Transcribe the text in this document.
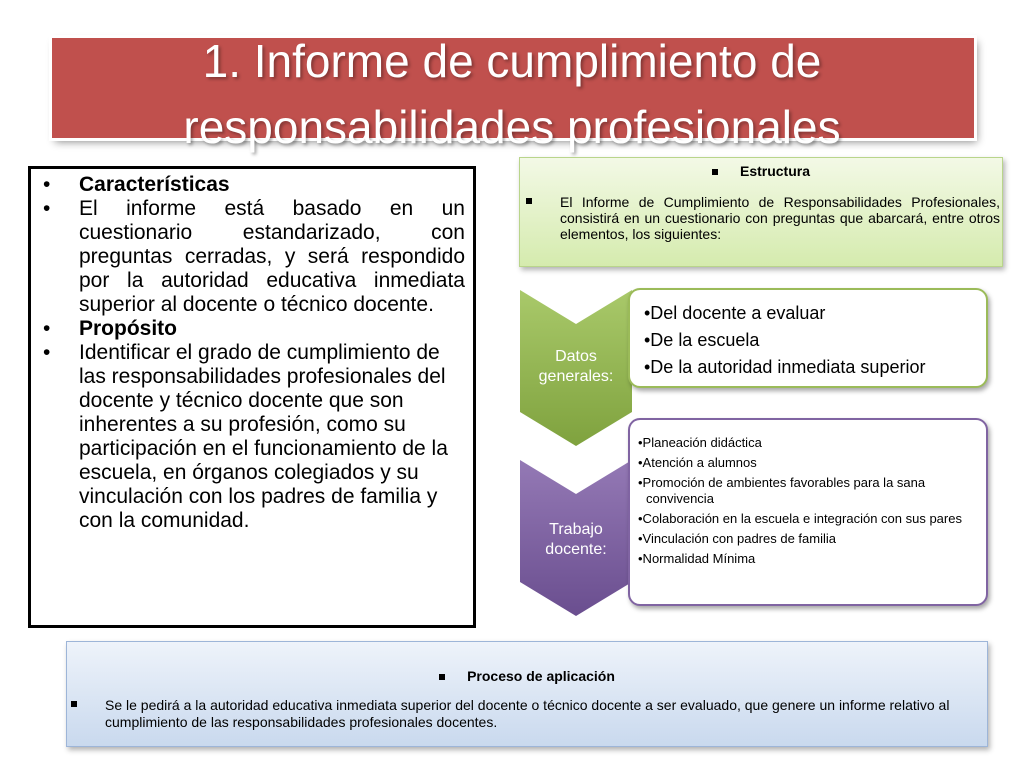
1. Informe de cumplimiento de
responsabilidades profesionales
• Características
• El informe está basado en un cuestionario estandarizado, con preguntas cerradas, y será respondido por la autoridad educativa inmediata superior al docente o técnico docente.
• Propósito
• Identificar el grado de cumplimiento de las responsabilidades profesionales del docente y técnico docente que son inherentes a su profesión, como su participación en el funcionamiento de la escuela, en órganos colegiados y su vinculación con los padres de familia y con la comunidad.
Estructura
El Informe de Cumplimiento de Responsabilidades Profesionales, consistirá en un cuestionario con preguntas que abarcará, entre otros elementos, los siguientes:
Datos
generales:
•Del docente a evaluar
•De la escuela
•De la autoridad inmediata superior
Trabajo
docente:
•Planeación didáctica
•Atención a alumnos
•Promoción de ambientes favorables para la sana convivencia
•Colaboración en la escuela e integración con sus pares
•Vinculación con padres de familia
•Normalidad Mínima
Proceso de aplicación
Se le pedirá a la autoridad educativa inmediata superior del docente o técnico docente a ser evaluado, que genere un informe relativo al cumplimiento de las responsabilidades profesionales docentes.
